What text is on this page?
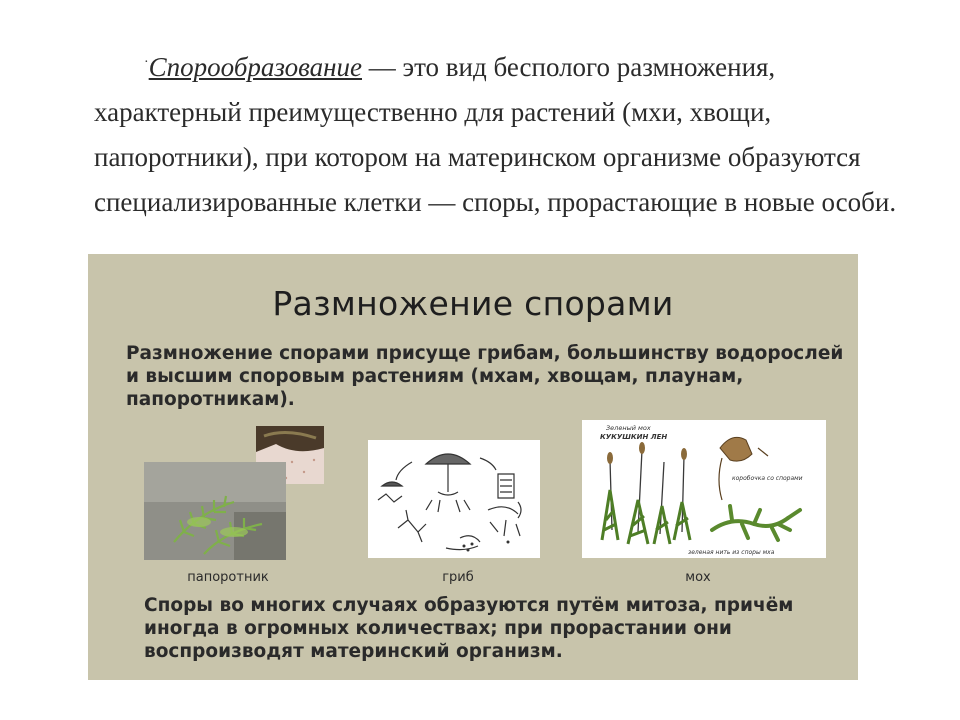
·Спорообразование — это вид бесполого размножения, характерный преимущественно для растений (мхи, хвощи, папоротники), при котором на материнском организме образуются специализированные клетки — споры, прорастающие в новые особи.
Размножение спорами
Размножение спорами присуще грибам, большинству водорослей и высшим споровым растениям (мхам, хвощам, плаунам, папоротникам).
папоротник	гриб
Зеленый мох
КУКУШКИН ЛЕН
коробочка со спорами
зеленая нить из споры мха
мох
Споры во многих случаях образуются путём митоза, причём иногда в огромных количествах; при прорастании они воспроизводят материнский организм.
